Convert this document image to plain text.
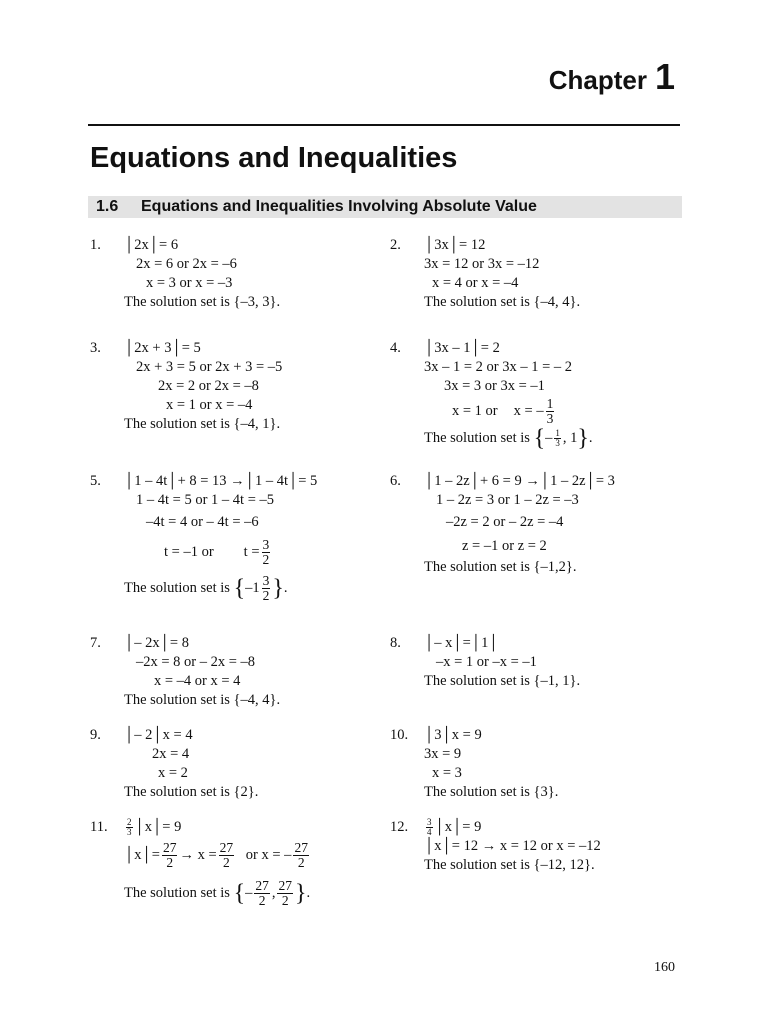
Chapter 1
Equations and Inequalities
1.6 Equations and Inequalities Involving Absolute Value
1. │2x│= 6
2x = 6 or 2x = –6
x = 3 or x = –3
The solution set is {–3, 3}.
2. │3x│= 12
3x = 12 or 3x = –12
x = 4 or x = –4
The solution set is {–4, 4}.
3. │2x + 3│= 5
2x + 3 = 5 or 2x + 3 = –5
2x = 2 or 2x = –8
x = 1 or x = –4
The solution set is {–4, 1}.
4. │3x – 1│= 2
3x – 1 = 2 or 3x – 1 = – 2
3x = 3 or 3x = –1
x = 1 or x = – $\frac{1}{3}$
The solution set is {– $\frac{1}{3}$ , 1}.
5. │1 – 4t│+ 8 = 13 →│1 – 4t│= 5
1 – 4t = 5 or 1 – 4t = –5
–4t = 4 or – 4t = –6
t = –1 or $t = \frac{3}{2}$
The solution set is {$-1 \frac{3}{2}$ }.
6. │1 – 2z│+ 6 = 9 →│1 – 2z│= 3
1 – 2z = 3 or 1 – 2z = –3
–2z = 2 or – 2z = –4
z = –1 or z = 2
The solution set is {–1,2}.
7. │– 2x│= 8
–2x = 8 or – 2x = –8
x = –4 or x = 4
The solution set is {–4, 4}.
8. │– x│=│1│
–x = 1 or –x = –1
The solution set is {–1, 1}.
9. │– 2│x = 4
2x = 4
x = 2
The solution set is {2}.
10. │3│x = 9
3x = 9
x = 3
The solution set is {3}.
11. $\frac{2}{3}$ │x│= 9
│x│= $\frac{27}{2} \to x = \frac{27}{2}$ or x = – $\frac{27}{2}$
The solution set is {– $\frac{27}{2}$ , $\frac{27}{2}$ }.
12. $\frac{3}{4}$ │x│= 9
│x│= 12 → x = 12 or x = –12
The solution set is {–12, 12}.
160
